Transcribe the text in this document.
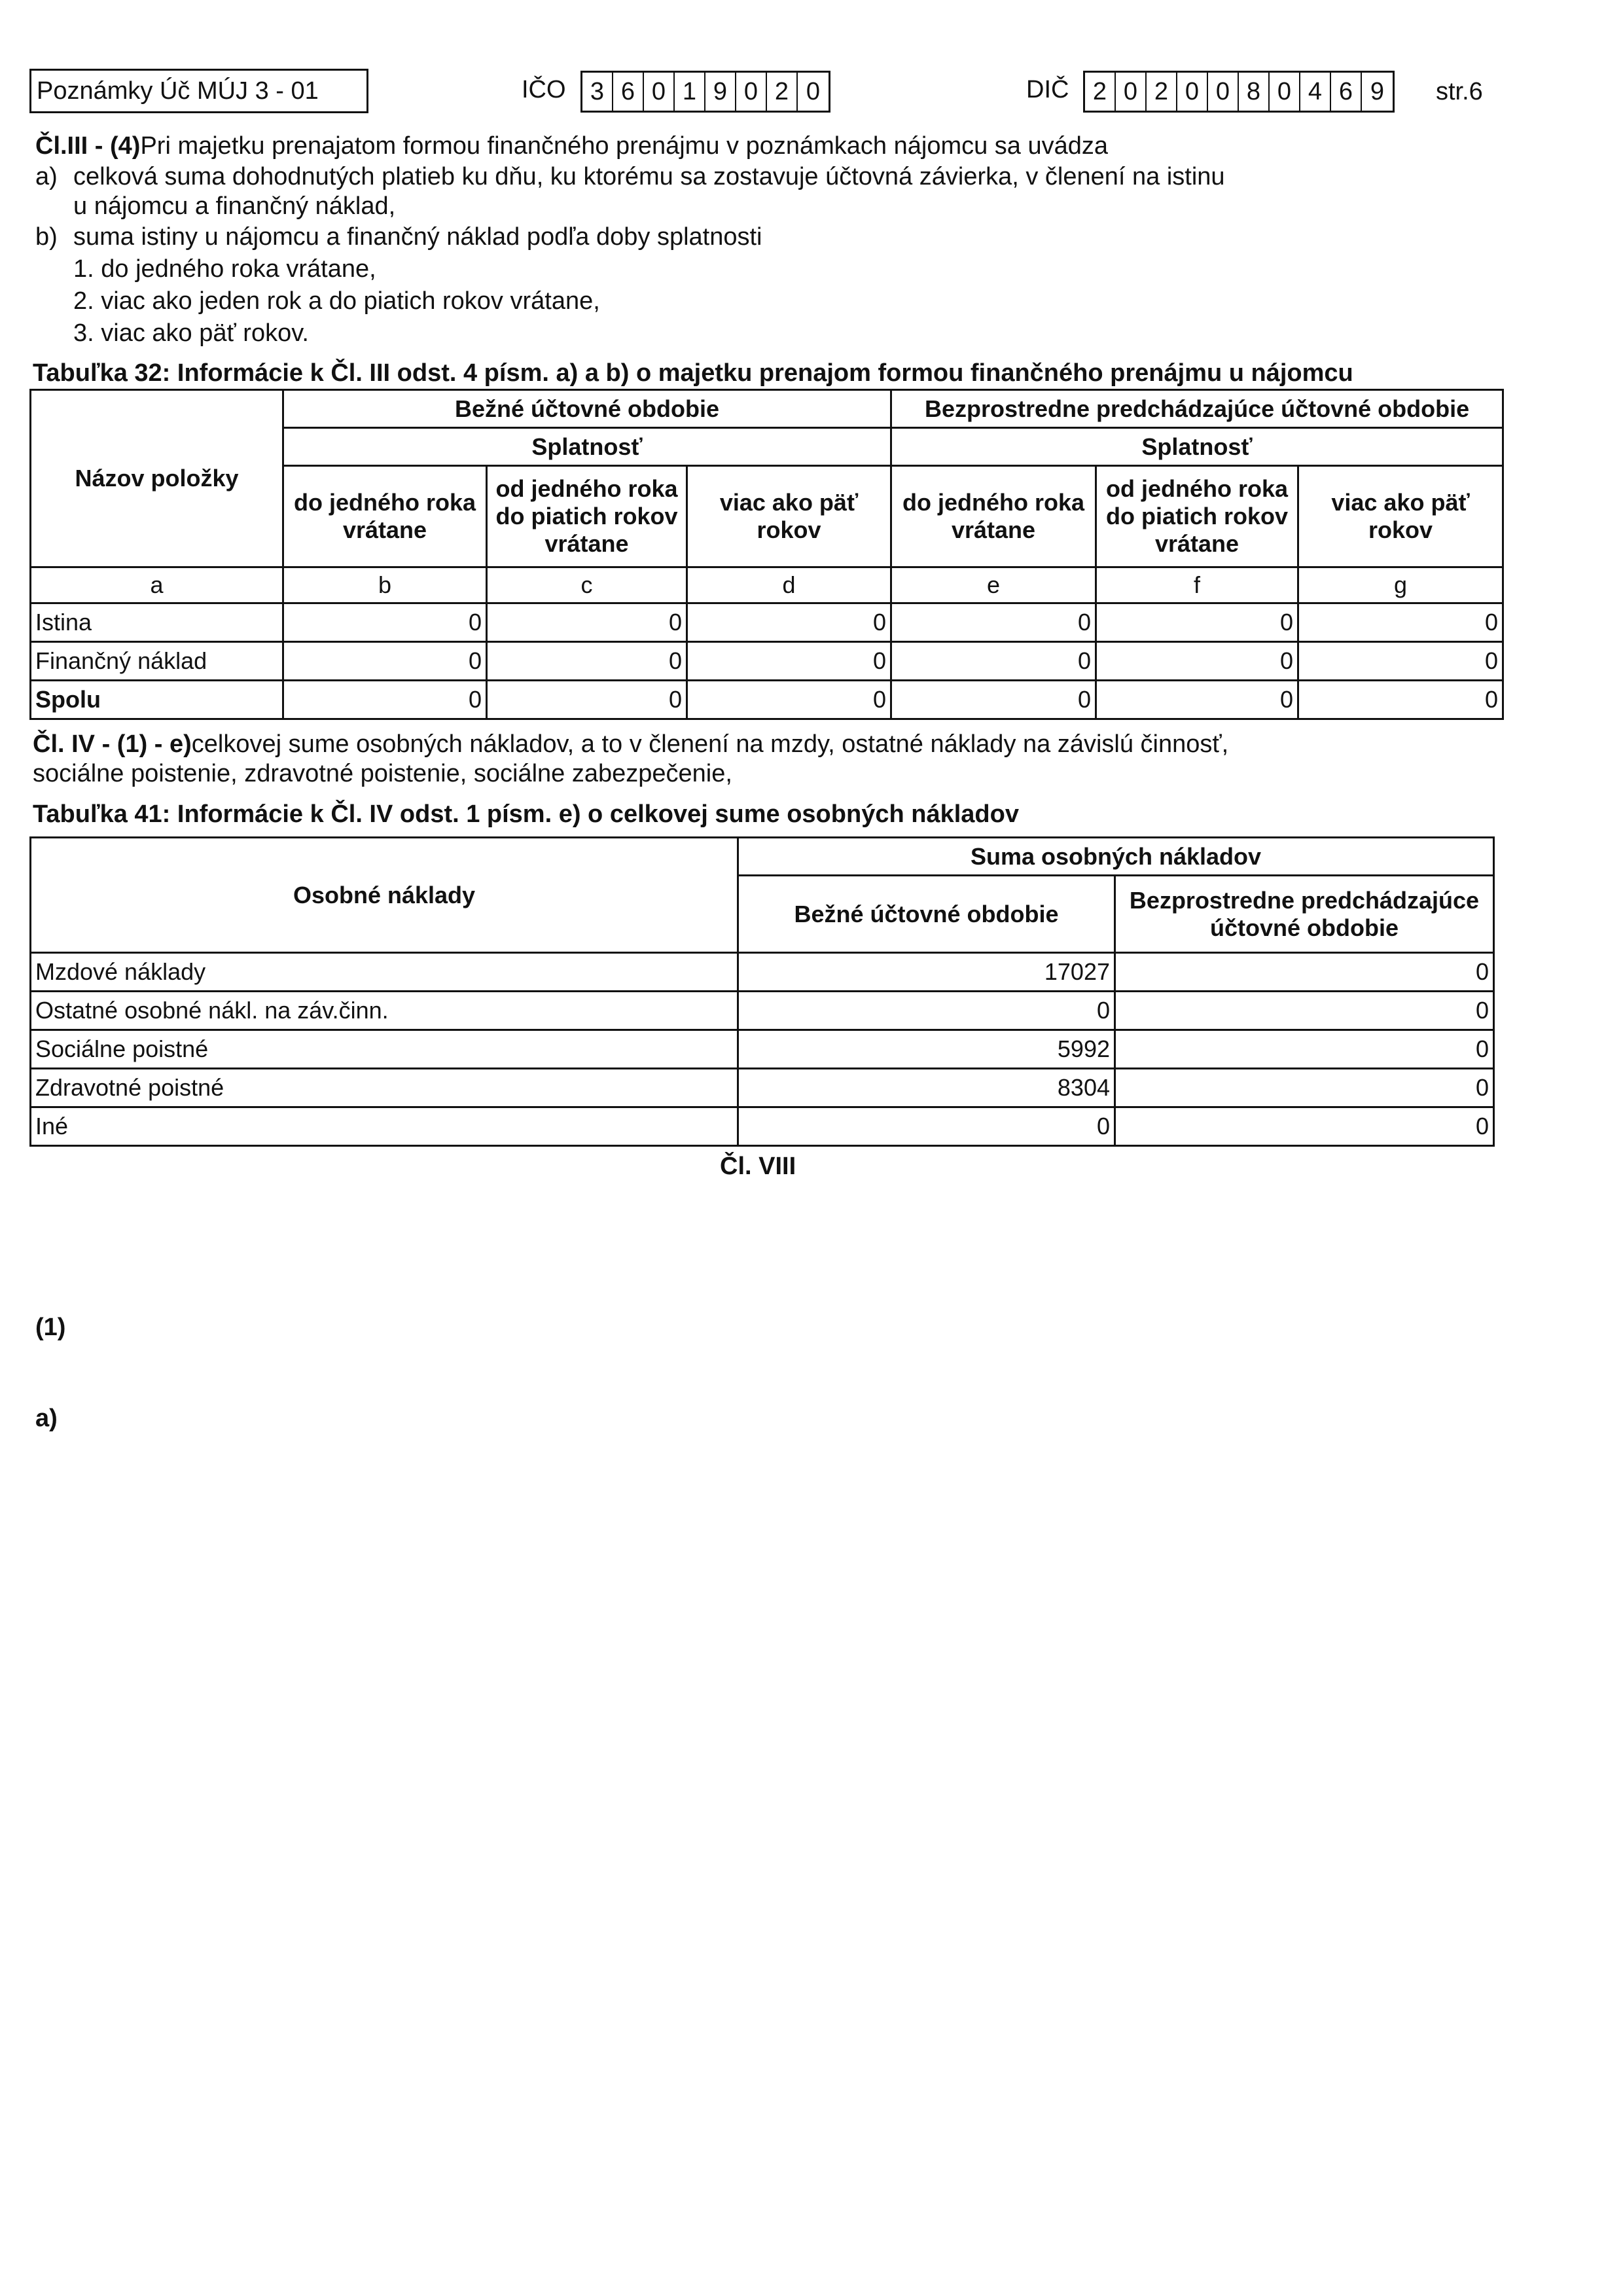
Poznámky Úč MÚJ 3 - 01	IČO 3 6 0 1 9 0 2 0	DIČ 2 0 2 0 0 8 0 4 6 9	str.6
Čl.III - (4)Pri majetku prenajatom formou finančného prenájmu v poznámkach nájomcu sa uvádza
a) celková suma dohodnutých platieb ku dňu, ku ktorému sa zostavuje účtovná závierka, v členení na istinu
u nájomcu a finančný náklad,
b) suma istiny u nájomcu a finančný náklad podľa doby splatnosti
1. do jedného roka vrátane,
2. viac ako jeden rok a do piatich rokov vrátane,
3. viac ako päť rokov.
Tabuľka 32: Informácie k Čl. III odst. 4 písm. a) a b) o majetku prenajom formou finančného prenájmu u nájomcu
Názov položky	Bežné účtovné obdobie			Bezprostredne predchádzajúce účtovné obdobie		
	Splatnosť			Splatnosť		
	do jedného roka vrátane	od jedného roka do piatich rokov vrátane	viac ako päť rokov	do jedného roka vrátane	od jedného roka do piatich rokov vrátane	viac ako päť rokov
a	b	c	d	e	f	g
Istina	0	0	0	0	0	0
Finančný náklad	0	0	0	0	0	0
Spolu	0	0	0	0	0	0
Čl. IV - (1) - e)celkovej sume osobných nákladov, a to v členení na mzdy, ostatné náklady na závislú činnosť,
sociálne poistenie, zdravotné poistenie, sociálne zabezpečenie,
Tabuľka 41: Informácie k Čl. IV odst. 1 písm. e) o celkovej sume osobných nákladov
Osobné náklady	Suma osobných nákladov	
	Bežné účtovné obdobie	Bezprostredne predchádzajúce účtovné obdobie
Mzdové náklady	17027	0
Ostatné osobné nákl. na záv.činn.	0	0
Sociálne poistné	5992	0
Zdravotné poistné	8304	0
Iné	0	0
Čl. VIII
(1)
a)
